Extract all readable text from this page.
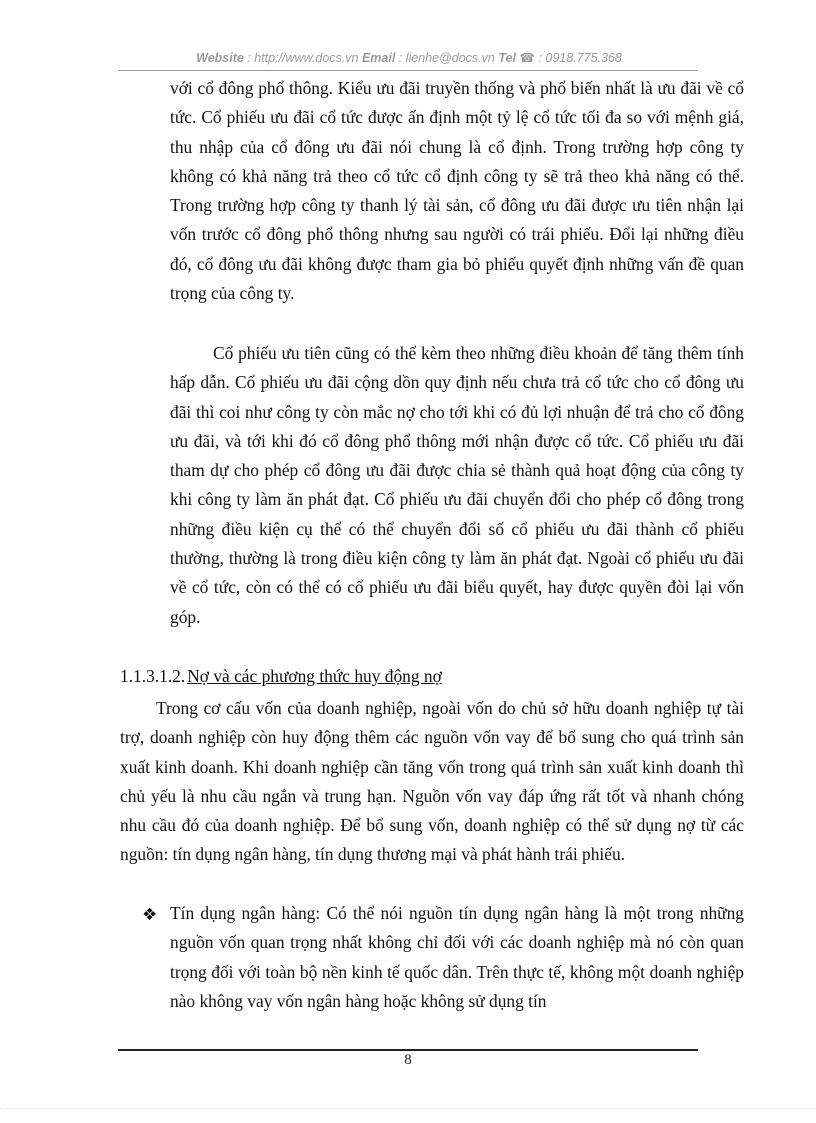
Website : http://www.docs.vn Email : lienhe@docs.vn Tel ☎ : 0918.775.368

với cổ đông phổ thông. Kiểu ưu đãi truyền thống và phổ biến nhất là ưu đãi về cổ tức. Cổ phiếu ưu đãi cổ tức được ấn định một tỷ lệ cổ tức tối đa so với mệnh giá, thu nhập của cổ đông ưu đãi nói chung là cổ định. Trong trường hợp công ty không có khả năng trả theo cổ tức cổ định công ty sẽ trả theo khả năng có thể. Trong trường hợp công ty thanh lý tài sản, cổ đông ưu đãi được ưu tiên nhận lại vốn trước cổ đông phổ thông nhưng sau người có trái phiếu. Đổi lại những điều đó, cổ đông ưu đãi không được tham gia bỏ phiếu quyết định những vấn đề quan trọng của công ty.

Cổ phiếu ưu tiên cũng có thể kèm theo những điều khoản để tăng thêm tính hấp dẫn. Cổ phiếu ưu đãi cộng dồn quy định nếu chưa trả cổ tức cho cổ đông ưu đãi thì coi như công ty còn mắc nợ cho tới khi có đủ lợi nhuận để trả cho cổ đông ưu đãi, và tới khi đó cổ đông phổ thông mới nhận được cổ tức. Cổ phiếu ưu đãi tham dự cho phép cổ đông ưu đãi được chia sẻ thành quả hoạt động của công ty khi công ty làm ăn phát đạt. Cổ phiếu ưu đãi chuyển đổi cho phép cổ đông trong những điều kiện cụ thể có thể chuyển đổi số cổ phiếu ưu đãi thành cổ phiếu thường, thường là trong điều kiện công ty làm ăn phát đạt. Ngoài cổ phiếu ưu đãi về cổ tức, còn có thể có cổ phiếu ưu đãi biểu quyết, hay được quyền đòi lại vốn góp.

1.1.3.1.2. Nợ và các phương thức huy động nợ

Trong cơ cấu vốn của doanh nghiệp, ngoài vốn do chủ sở hữu doanh nghiệp tự tài trợ, doanh nghiệp còn huy động thêm các nguồn vốn vay để bổ sung cho quá trình sản xuất kinh doanh. Khi doanh nghiệp cần tăng vốn trong quá trình sản xuất kinh doanh thì chủ yếu là nhu cầu ngắn và trung hạn. Nguồn vốn vay đáp ứng rất tốt và nhanh chóng nhu cầu đó của doanh nghiệp. Để bổ sung vốn, doanh nghiệp có thể sử dụng nợ từ các nguồn: tín dụng ngân hàng, tín dụng thương mại và phát hành trái phiếu.

❖ Tín dụng ngân hàng: Có thể nói nguồn tín dụng ngân hàng là một trong những nguồn vốn quan trọng nhất không chỉ đối với các doanh nghiệp mà nó còn quan trọng đối với toàn bộ nền kinh tế quốc dân. Trên thực tế, không một doanh nghiệp nào không vay vốn ngân hàng hoặc không sử dụng tín

8
